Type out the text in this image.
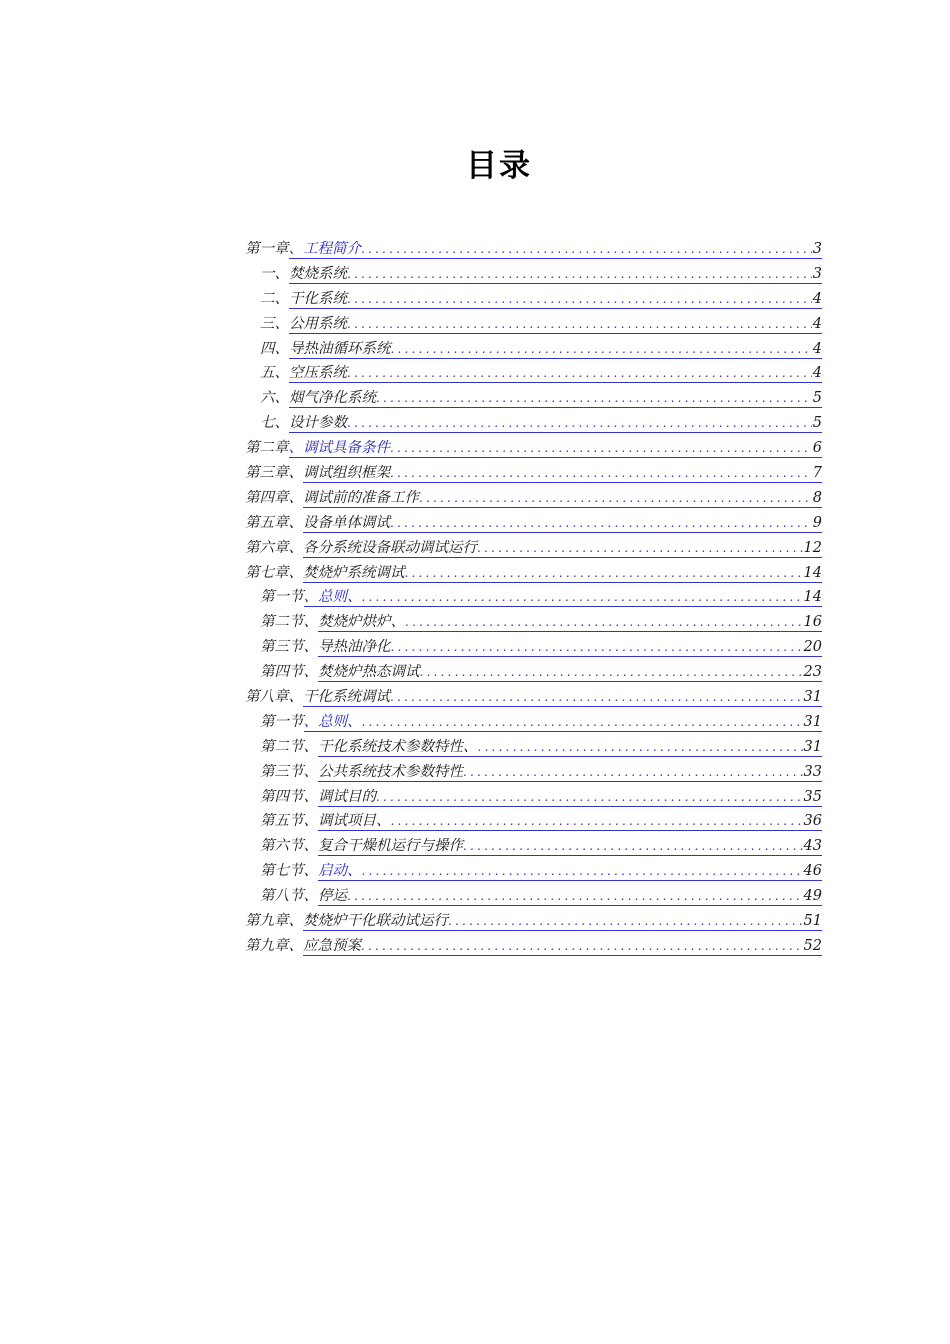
目录
第一章 、工程简介 .....	3
一、 焚烧系统 .....	3
二、 干化系统 .....	4
三、 公用系统 .....	4
四、 导热油循环系统 .....	4
五、 空压系统 .....	4
六、 烟气净化系统 .....	5
七、 设计参数 .....	5
第二章 、调试具备条件 .....	6
第三章、 调试组织框架 .....	7
第四章、 调试前的准备工作 .....	8
第五章、 设备单体调试 .....	9
第六章、 各分系统设备联动调试运行 .....	12
第七章、 焚烧炉系统调试 .....	14
第一节 、总则、 .....	14
第二节、 焚烧炉烘炉、 .....	16
第三节、 导热油净化 .....	20
第四节、 焚烧炉热态调试 .....	23
第八章、 干化系统调试 .....	31
第一节 、总则、 .....	31
第二节、 干化系统技术参数特性、 .....	31
第三节、 公共系统技术参数特性 .....	33
第四节、 调试目的 .....	35
第五节、 调试项目、 .....	36
第六节、 复合干燥机运行与操作 .....	43
第七节、 启动、 .....	46
第八节、 停运 .....	49
第九章、 焚烧炉干化联动试运行 .....	51
第九章、 应急预案 .....	52
